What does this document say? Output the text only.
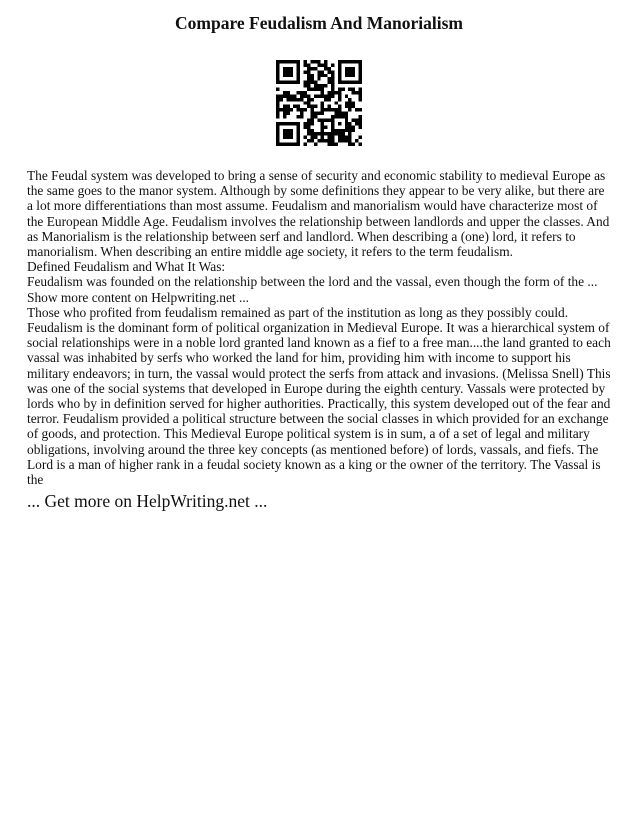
Compare Feudalism And Manorialism

The Feudal system was developed to bring a sense of security and economic stability to medieval Europe as the same goes to the manor system. Although by some definitions they appear to be very alike, but there are a lot more differentiations than most assume. Feudalism and manorialism would have characterize most of the European Middle Age. Feudalism involves the relationship between landlords and upper the classes. And as Manorialism is the relationship between serf and landlord. When describing a (one) lord, it refers to manorialism. When describing an entire middle age society, it refers to the term feudalism.

Defined Feudalism and What It Was:

Feudalism was founded on the relationship between the lord and the vassal, even though the form of the ...

Show more content on Helpwriting.net ...

Those who profited from feudalism remained as part of the institution as long as they possibly could. Feudalism is the dominant form of political organization in Medieval Europe. It was a hierarchical system of social relationships were in a noble lord granted land known as a fief to a free man....the land granted to each vassal was inhabited by serfs who worked the land for him, providing him with income to support his military endeavors; in turn, the vassal would protect the serfs from attack and invasions. (Melissa Snell) This was one of the social systems that developed in Europe during the eighth century. Vassals were protected by lords who by in definition served for higher authorities. Practically, this system developed out of the fear and terror. Feudalism provided a political structure between the social classes in which provided for an exchange of goods, and protection. This Medieval Europe political system is in sum, a of a set of legal and military obligations, involving around the three key concepts (as mentioned before) of lords, vassals, and fiefs. The Lord is a man of higher rank in a feudal society known as a king or the owner of the territory. The Vassal is the

... Get more on HelpWriting.net ...
